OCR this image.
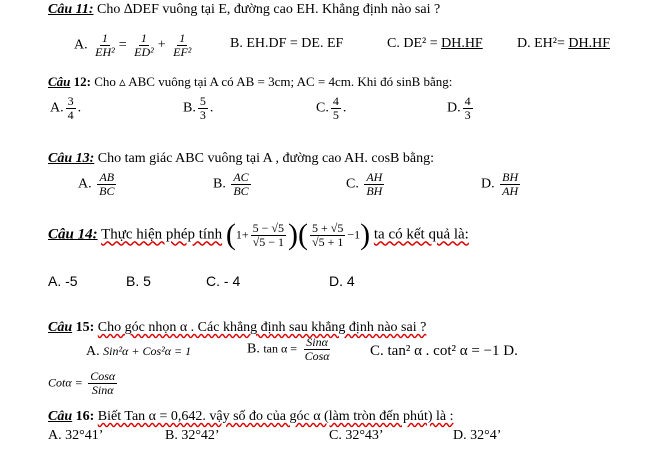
Câu 11: Cho ∆DEF vuông tại E, đường cao EH. Khẳng định nào sai ?
A. $\frac{1}{\text{EH²}} = \frac{1}{\text{ED²}} + \frac{1}{\text{EF²}}$	B. EH.DF = DE. EF	C. DE² = DH.HF D. EH²= DH.HF
Câu 12: Cho ▵ ABC vuông tại A có AB = 3cm; AC = 4cm. Khi đó sinB bằng:
A. $\frac{3}{4}$ .	B. $\frac{5}{3}$ .	C. $\frac{4}{5}$ .	D. $\frac{4}{3}$
Câu 13: Cho tam giác ABC vuông tại A , đường cao AH. cosB bằng:
A. $\frac{AB}{BC}$	B. $\frac{AC}{BC}$	C. $\frac{AH}{BH}$	D. $\frac{BH}{AH}$
Câu 14: Thực hiện phép tính ($1+ \frac{5 - √5}{√5 - 1}$ )( $\frac{5 + √5}{√5 + 1} -1$) ta có kết quả là:
A. -5	B. 5	C. - 4	D. 4
Câu 15: Cho góc nhọn α . Các khẳng định sau khẳng định nào sai ?
A. Sin²α + Cos²α = 1	B. $\tan \alpha = \frac{\text{Sinα}}{\text{Cosα}}$	C. tan² α . cot² α = −1 D.
$Cot\alpha = \frac{\text{Cosα}}{\text{Sinα}}$
Câu 16: Biết Tan α = 0,642. vậy số đo của góc α (làm tròn đến phút) là :
A. 32°41’	B. 32°42’	C. 32°43’	D. 32°4’
